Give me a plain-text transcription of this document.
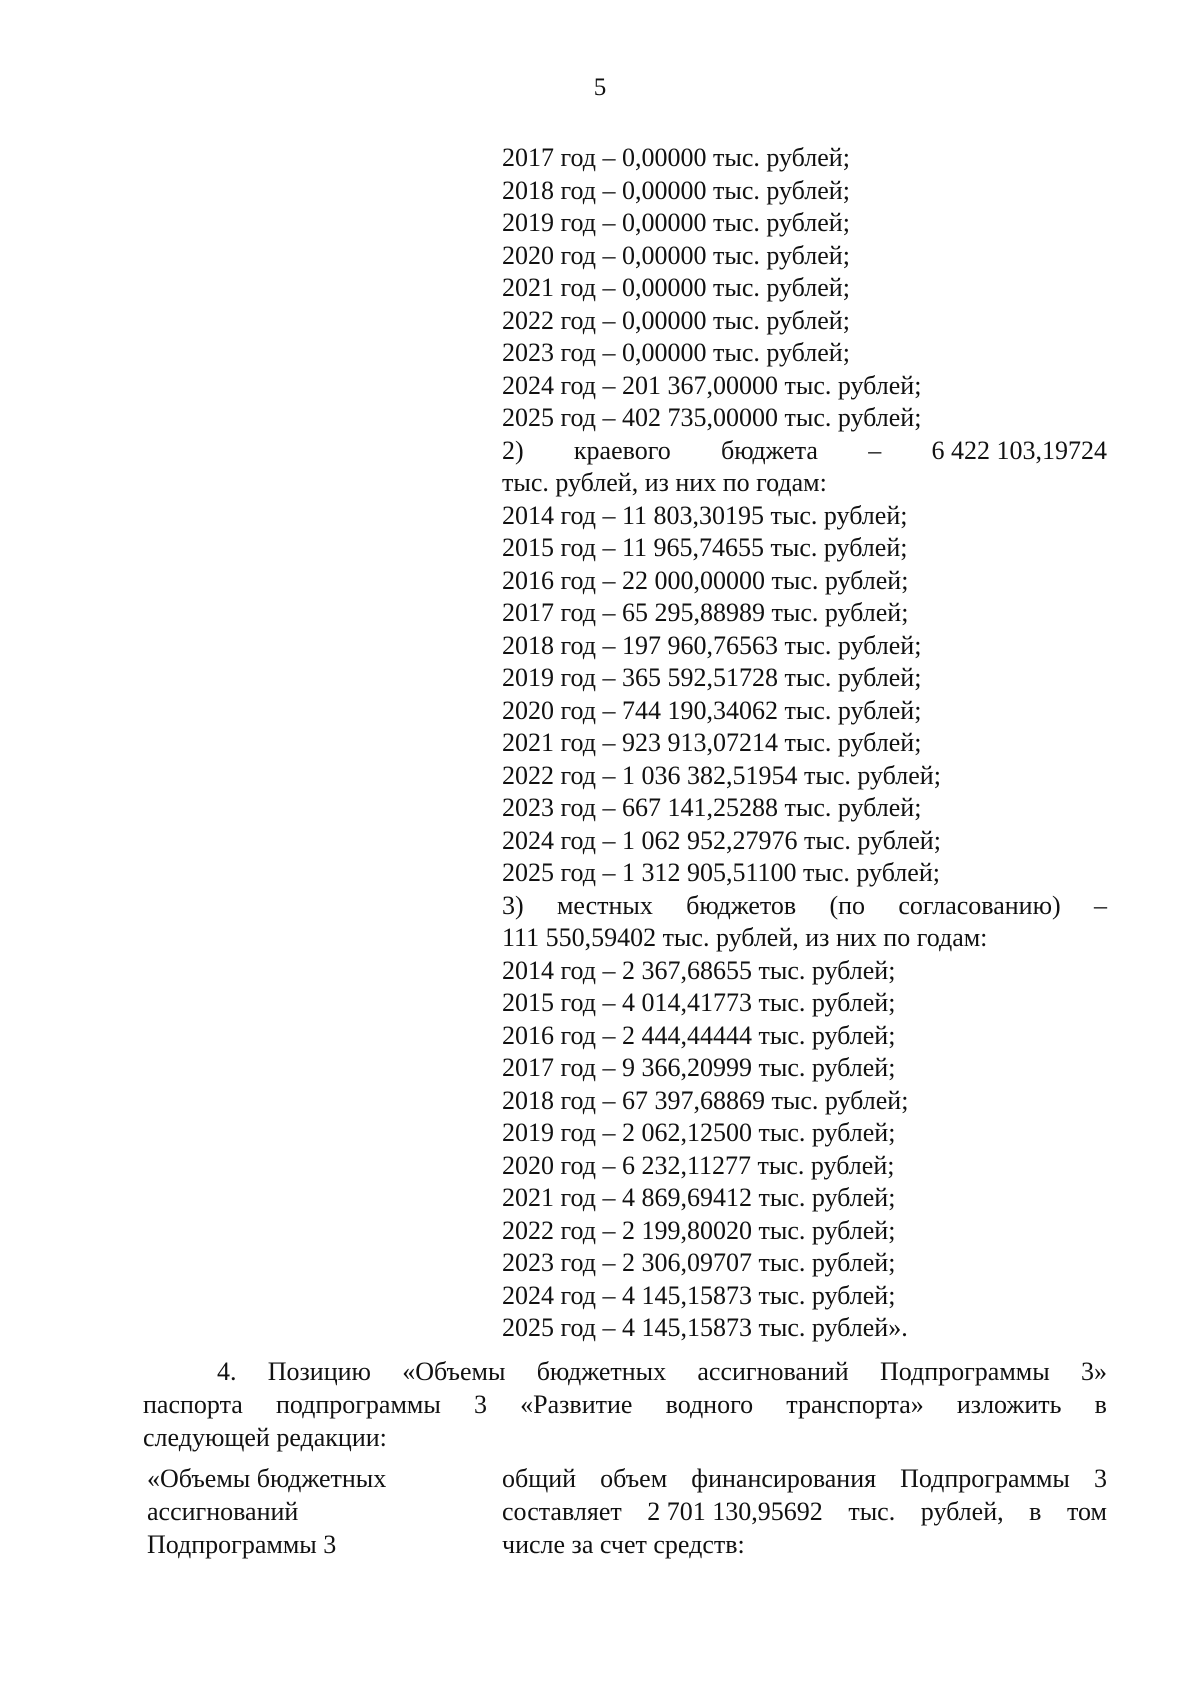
5
2017 год – 0,00000 тыс. рублей;
2018 год – 0,00000 тыс. рублей;
2019 год – 0,00000 тыс. рублей;
2020 год – 0,00000 тыс. рублей;
2021 год – 0,00000 тыс. рублей;
2022 год – 0,00000 тыс. рублей;
2023 год – 0,00000 тыс. рублей;
2024 год – 201 367,00000 тыс. рублей;
2025 год – 402 735,00000 тыс. рублей;
2) краевого бюджета – 6 422 103,19724
тыс. рублей, из них по годам:
2014 год – 11 803,30195 тыс. рублей;
2015 год – 11 965,74655 тыс. рублей;
2016 год – 22 000,00000 тыс. рублей;
2017 год – 65 295,88989 тыс. рублей;
2018 год – 197 960,76563 тыс. рублей;
2019 год – 365 592,51728 тыс. рублей;
2020 год – 744 190,34062 тыс. рублей;
2021 год – 923 913,07214 тыс. рублей;
2022 год – 1 036 382,51954 тыс. рублей;
2023 год – 667 141,25288 тыс. рублей;
2024 год – 1 062 952,27976 тыс. рублей;
2025 год – 1 312 905,51100 тыс. рублей;
3) местных бюджетов (по согласованию) –
111 550,59402 тыс. рублей, из них по годам:
2014 год – 2 367,68655 тыс. рублей;
2015 год – 4 014,41773 тыс. рублей;
2016 год – 2 444,44444 тыс. рублей;
2017 год – 9 366,20999 тыс. рублей;
2018 год – 67 397,68869 тыс. рублей;
2019 год – 2 062,12500 тыс. рублей;
2020 год – 6 232,11277 тыс. рублей;
2021 год – 4 869,69412 тыс. рублей;
2022 год – 2 199,80020 тыс. рублей;
2023 год – 2 306,09707 тыс. рублей;
2024 год – 4 145,15873 тыс. рублей;
2025 год – 4 145,15873 тыс. рублей».
4. Позицию «Объемы бюджетных ассигнований Подпрограммы 3»
паспорта подпрограммы 3 «Развитие водного транспорта» изложить в
следующей редакции:
«Объемы бюджетных
ассигнований
Подпрограммы 3
общий объем финансирования Подпрограммы 3
составляет 2 701 130,95692 тыс. рублей, в том
числе за счет средств:
